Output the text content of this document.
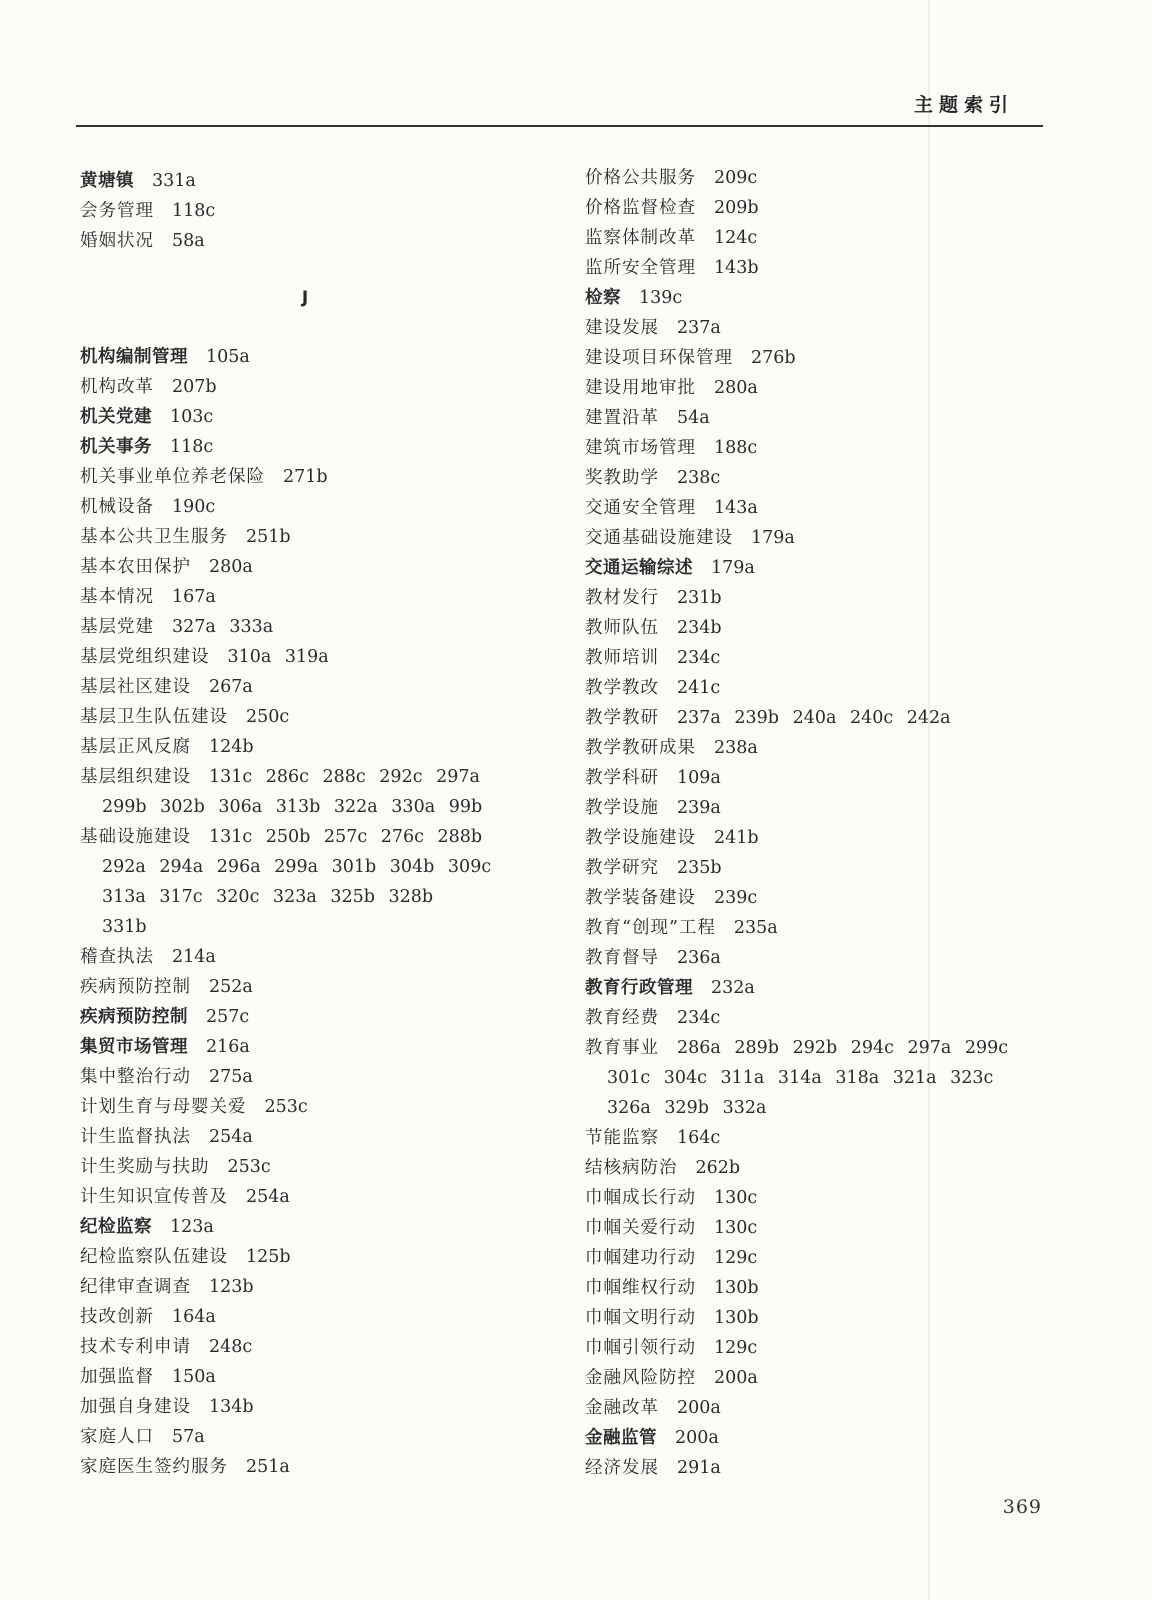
主题索引
黄塘镇 331a
会务管理 118c
婚姻状况 58a
J
机构编制管理 105a
机构改革 207b
机关党建 103c
机关事务 118c
机关事业单位养老保险 271b
机械设备 190c
基本公共卫生服务 251b
基本农田保护 280a
基本情况 167a
基层党建 327a 333a
基层党组织建设 310a 319a
基层社区建设 267a
基层卫生队伍建设 250c
基层正风反腐 124b
基层组织建设 131c 286c 288c 292c 297a
299b 302b 306a 313b 322a 330a 99b
基础设施建设 131c 250b 257c 276c 288b
292a 294a 296a 299a 301b 304b 309c
313a 317c 320c 323a 325b 328b
331b
稽查执法 214a
疾病预防控制 252a
疾病预防控制 257c
集贸市场管理 216a
集中整治行动 275a
计划生育与母婴关爱 253c
计生监督执法 254a
计生奖励与扶助 253c
计生知识宣传普及 254a
纪检监察 123a
纪检监察队伍建设 125b
纪律审查调查 123b
技改创新 164a
技术专利申请 248c
加强监督 150a
加强自身建设 134b
家庭人口 57a
家庭医生签约服务 251a
价格公共服务 209c
价格监督检查 209b
监察体制改革 124c
监所安全管理 143b
检察 139c
建设发展 237a
建设项目环保管理 276b
建设用地审批 280a
建置沿革 54a
建筑市场管理 188c
奖教助学 238c
交通安全管理 143a
交通基础设施建设 179a
交通运输综述 179a
教材发行 231b
教师队伍 234b
教师培训 234c
教学教改 241c
教学教研 237a 239b 240a 240c 242a
教学教研成果 238a
教学科研 109a
教学设施 239a
教学设施建设 241b
教学研究 235b
教学装备建设 239c
教育“创现”工程 235a
教育督导 236a
教育行政管理 232a
教育经费 234c
教育事业 286a 289b 292b 294c 297a 299c
301c 304c 311a 314a 318a 321a 323c
326a 329b 332a
节能监察 164c
结核病防治 262b
巾帼成长行动 130c
巾帼关爱行动 130c
巾帼建功行动 129c
巾帼维权行动 130b
巾帼文明行动 130b
巾帼引领行动 129c
金融风险防控 200a
金融改革 200a
金融监管 200a
经济发展 291a
369
